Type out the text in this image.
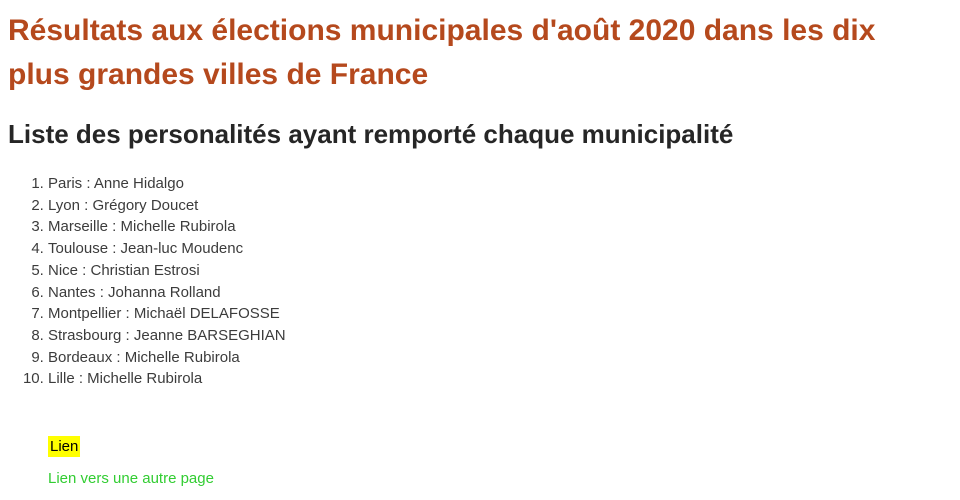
Résultats aux élections municipales d'août 2020 dans les dix plus grandes villes de France
Liste des personalités ayant remporté chaque municipalité
1. Paris : Anne Hidalgo
2. Lyon : Grégory Doucet
3. Marseille : Michelle Rubirola
4. Toulouse : Jean-luc Moudenc
5. Nice : Christian Estrosi
6. Nantes : Johanna Rolland
7. Montpellier : Michaël DELAFOSSE
8. Strasbourg : Jeanne BARSEGHIAN
9. Bordeaux : Michelle Rubirola
10. Lille : Michelle Rubirola

Lien

Lien vers une autre page
